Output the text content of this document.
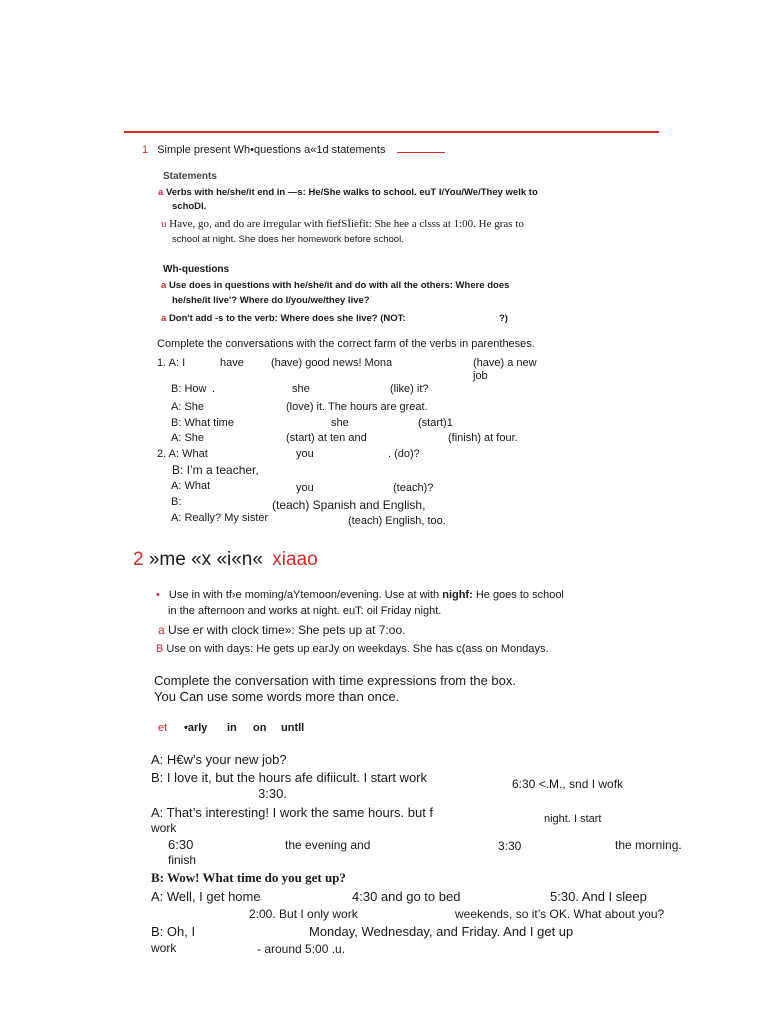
1 Simple present Wh•questions a«1d statements
Statements
a Verbs with he/she/it end in —s: He/She walks to school. euT I/You/We/They welk to
schoDl.
u Have, go, and do are irregular with fiefSÏiefit: She hee a clsss at 1:00. He gras to
school at night. She does her homework before school.
Wh-questions
a Use does in questions with he/she/it and do with all the others: Where does
he/she/it live'? Where do I/you/we/they live?
a Don't add -s to the verb: Where does she live? (NOT:	?)
Complete the conversations with the correct farm of the verbs in parentheses.
1. A: I	have (have) good news! Mona	(have) a new
job
B: How .	she	(like) it?
A: She	(love) it. The hours are great.
B: What time	she	(start)1
A: She	(start) at ten and	(finish) at four.
2. A: What	you	. (do)?
B: I’m a teacher,
A: What	you	(teach)?
B:	(teach) Spanish and English,
A: Really? My sister	(teach) English, too.
2 »me «x «i«n« xiaao
• Use in with tf›e moming/aYtemoon/evening. Use at with nighf: He goes to school
in the afternoon and works at night. euT: oil Friday night.
a Use er with clock time»: She pets up at 7:oo.
B Use on with days: He gets up earJy on weekdays. She has c(ass on Mondays.
Complete the conversation with time expressions from the box.
You Can use some words more than once.
et •arly in on untll
A: H€w’s your new job?
B: I love it, but the hours afe difiicult. I start work	6:30 <.M., snd I wofk
3:30.
A: That’s interesting! I work the same hours. but f	night. I start
work
6:30	the evening and	3:30	the morning.
finish
B: Wow! What time do you get up?
A: Well, I get home	4:30 and go to bed	5:30. And I sleep
2:00. But I only work	weekends, so it’s OK. What about you?
B: Oh, I	Monday, Wednesday, and Friday. And I get up
work	- around 5:00 .u.
